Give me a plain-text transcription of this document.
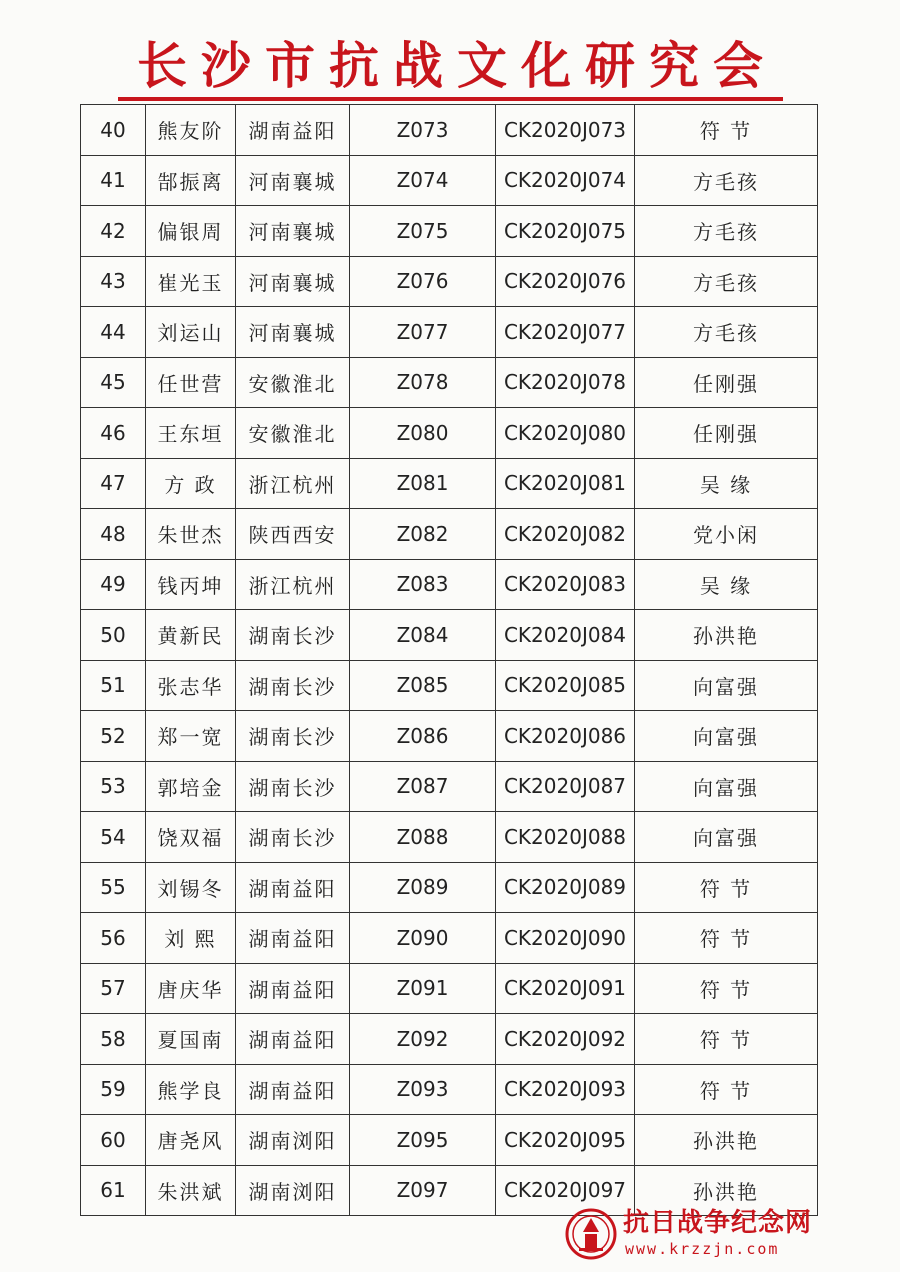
长沙市抗战文化研究会
40	熊友阶	湖南益阳	Z073	CK2020J073	符 节
41	郜振离	河南襄城	Z074	CK2020J074	方毛孩
42	偏银周	河南襄城	Z075	CK2020J075	方毛孩
43	崔光玉	河南襄城	Z076	CK2020J076	方毛孩
44	刘运山	河南襄城	Z077	CK2020J077	方毛孩
45	任世营	安徽淮北	Z078	CK2020J078	任刚强
46	王东垣	安徽淮北	Z080	CK2020J080	任刚强
47	方 政	浙江杭州	Z081	CK2020J081	吴 缘
48	朱世杰	陕西西安	Z082	CK2020J082	党小闲
49	钱丙坤	浙江杭州	Z083	CK2020J083	吴 缘
50	黄新民	湖南长沙	Z084	CK2020J084	孙洪艳
51	张志华	湖南长沙	Z085	CK2020J085	向富强
52	郑一宽	湖南长沙	Z086	CK2020J086	向富强
53	郭培金	湖南长沙	Z087	CK2020J087	向富强
54	饶双福	湖南长沙	Z088	CK2020J088	向富强
55	刘锡冬	湖南益阳	Z089	CK2020J089	符 节
56	刘 熙	湖南益阳	Z090	CK2020J090	符 节
57	唐庆华	湖南益阳	Z091	CK2020J091	符 节
58	夏国南	湖南益阳	Z092	CK2020J092	符 节
59	熊学良	湖南益阳	Z093	CK2020J093	符 节
60	唐尧风	湖南浏阳	Z095	CK2020J095	孙洪艳
61	朱洪斌	湖南浏阳	Z097	CK2020J097	孙洪艳
抗日战争纪念网
www.krzzjn.com
